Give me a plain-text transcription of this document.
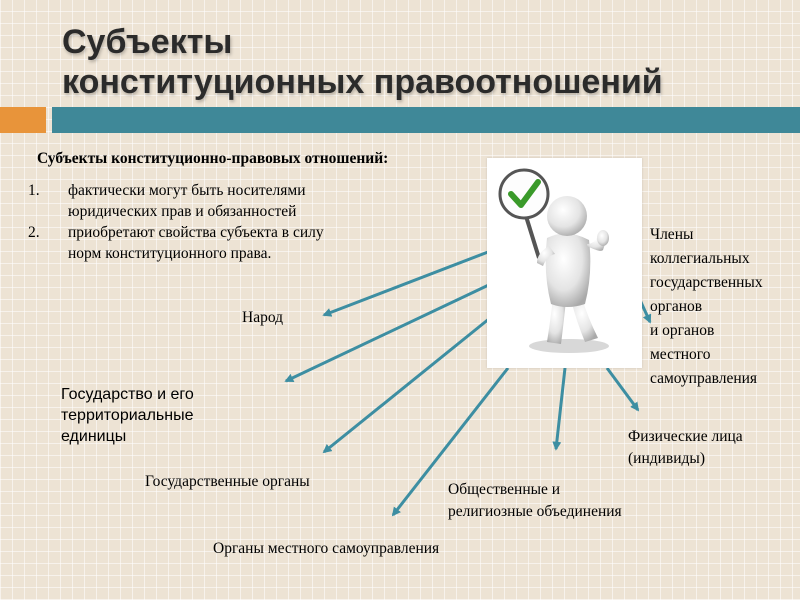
Субъекты
конституционных правоотношений
Субъекты конституционно-правовых отношений:
1. фактически могут быть носителями
юридических прав и обязанностей
2. приобретают свойства субъекта в силу
норм конституционного права.
Народ
Государство и его
территориальные
единицы
Государственные органы
Органы местного самоуправления
Общественные и
религиозные объединения
Физические лица
(индивиды)
Члены
коллегиальных
государственных
органов
и органов
местного
самоуправления
